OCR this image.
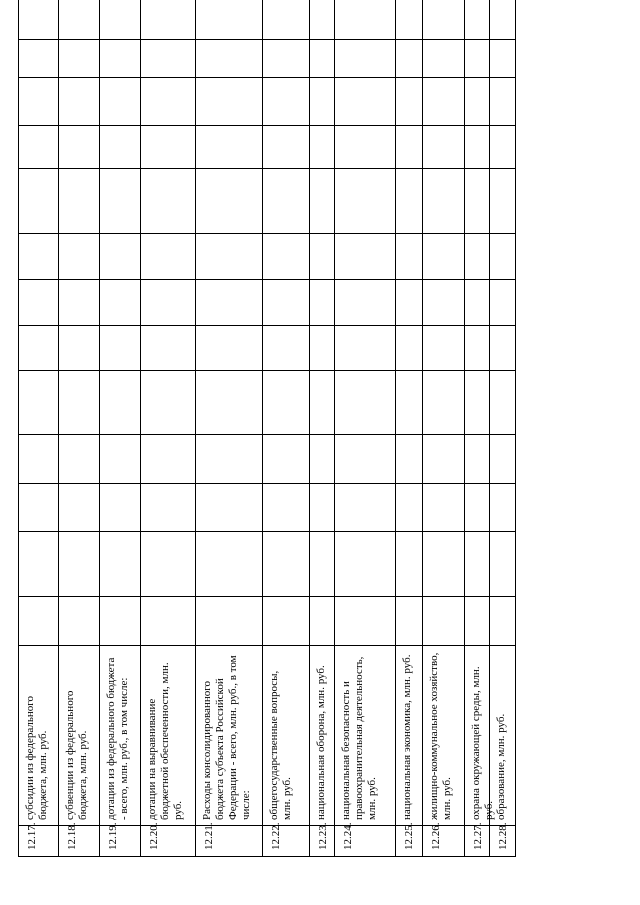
12.17.
субсидии из федерального бюджета, млн. руб.
12.18.
субвенции из федерального бюджета, млн. руб.
12.19.
дотации из федерального бюджета - всего, млн. руб., в том числе:
12.20.
дотации на выравнивание бюджетной обеспеченности, млн. руб.
12.21.
Расходы консолидированного бюджета субъекта Российской Федерации - всего, млн. руб., в том числе:
12.22.
общегосударственные вопросы, млн. руб.
12.23.
национальная оборона, млн. руб.
12.24.
национальная безопасность и правоохранительная деятельность, млн. руб.
12.25.
национальная экономика, млн. руб.
12.26.
жилищно-коммунальное хозяйство, млн. руб.
12.27.
охрана окружающей среды, млн. руб.
12.28.
образование, млн. руб.
